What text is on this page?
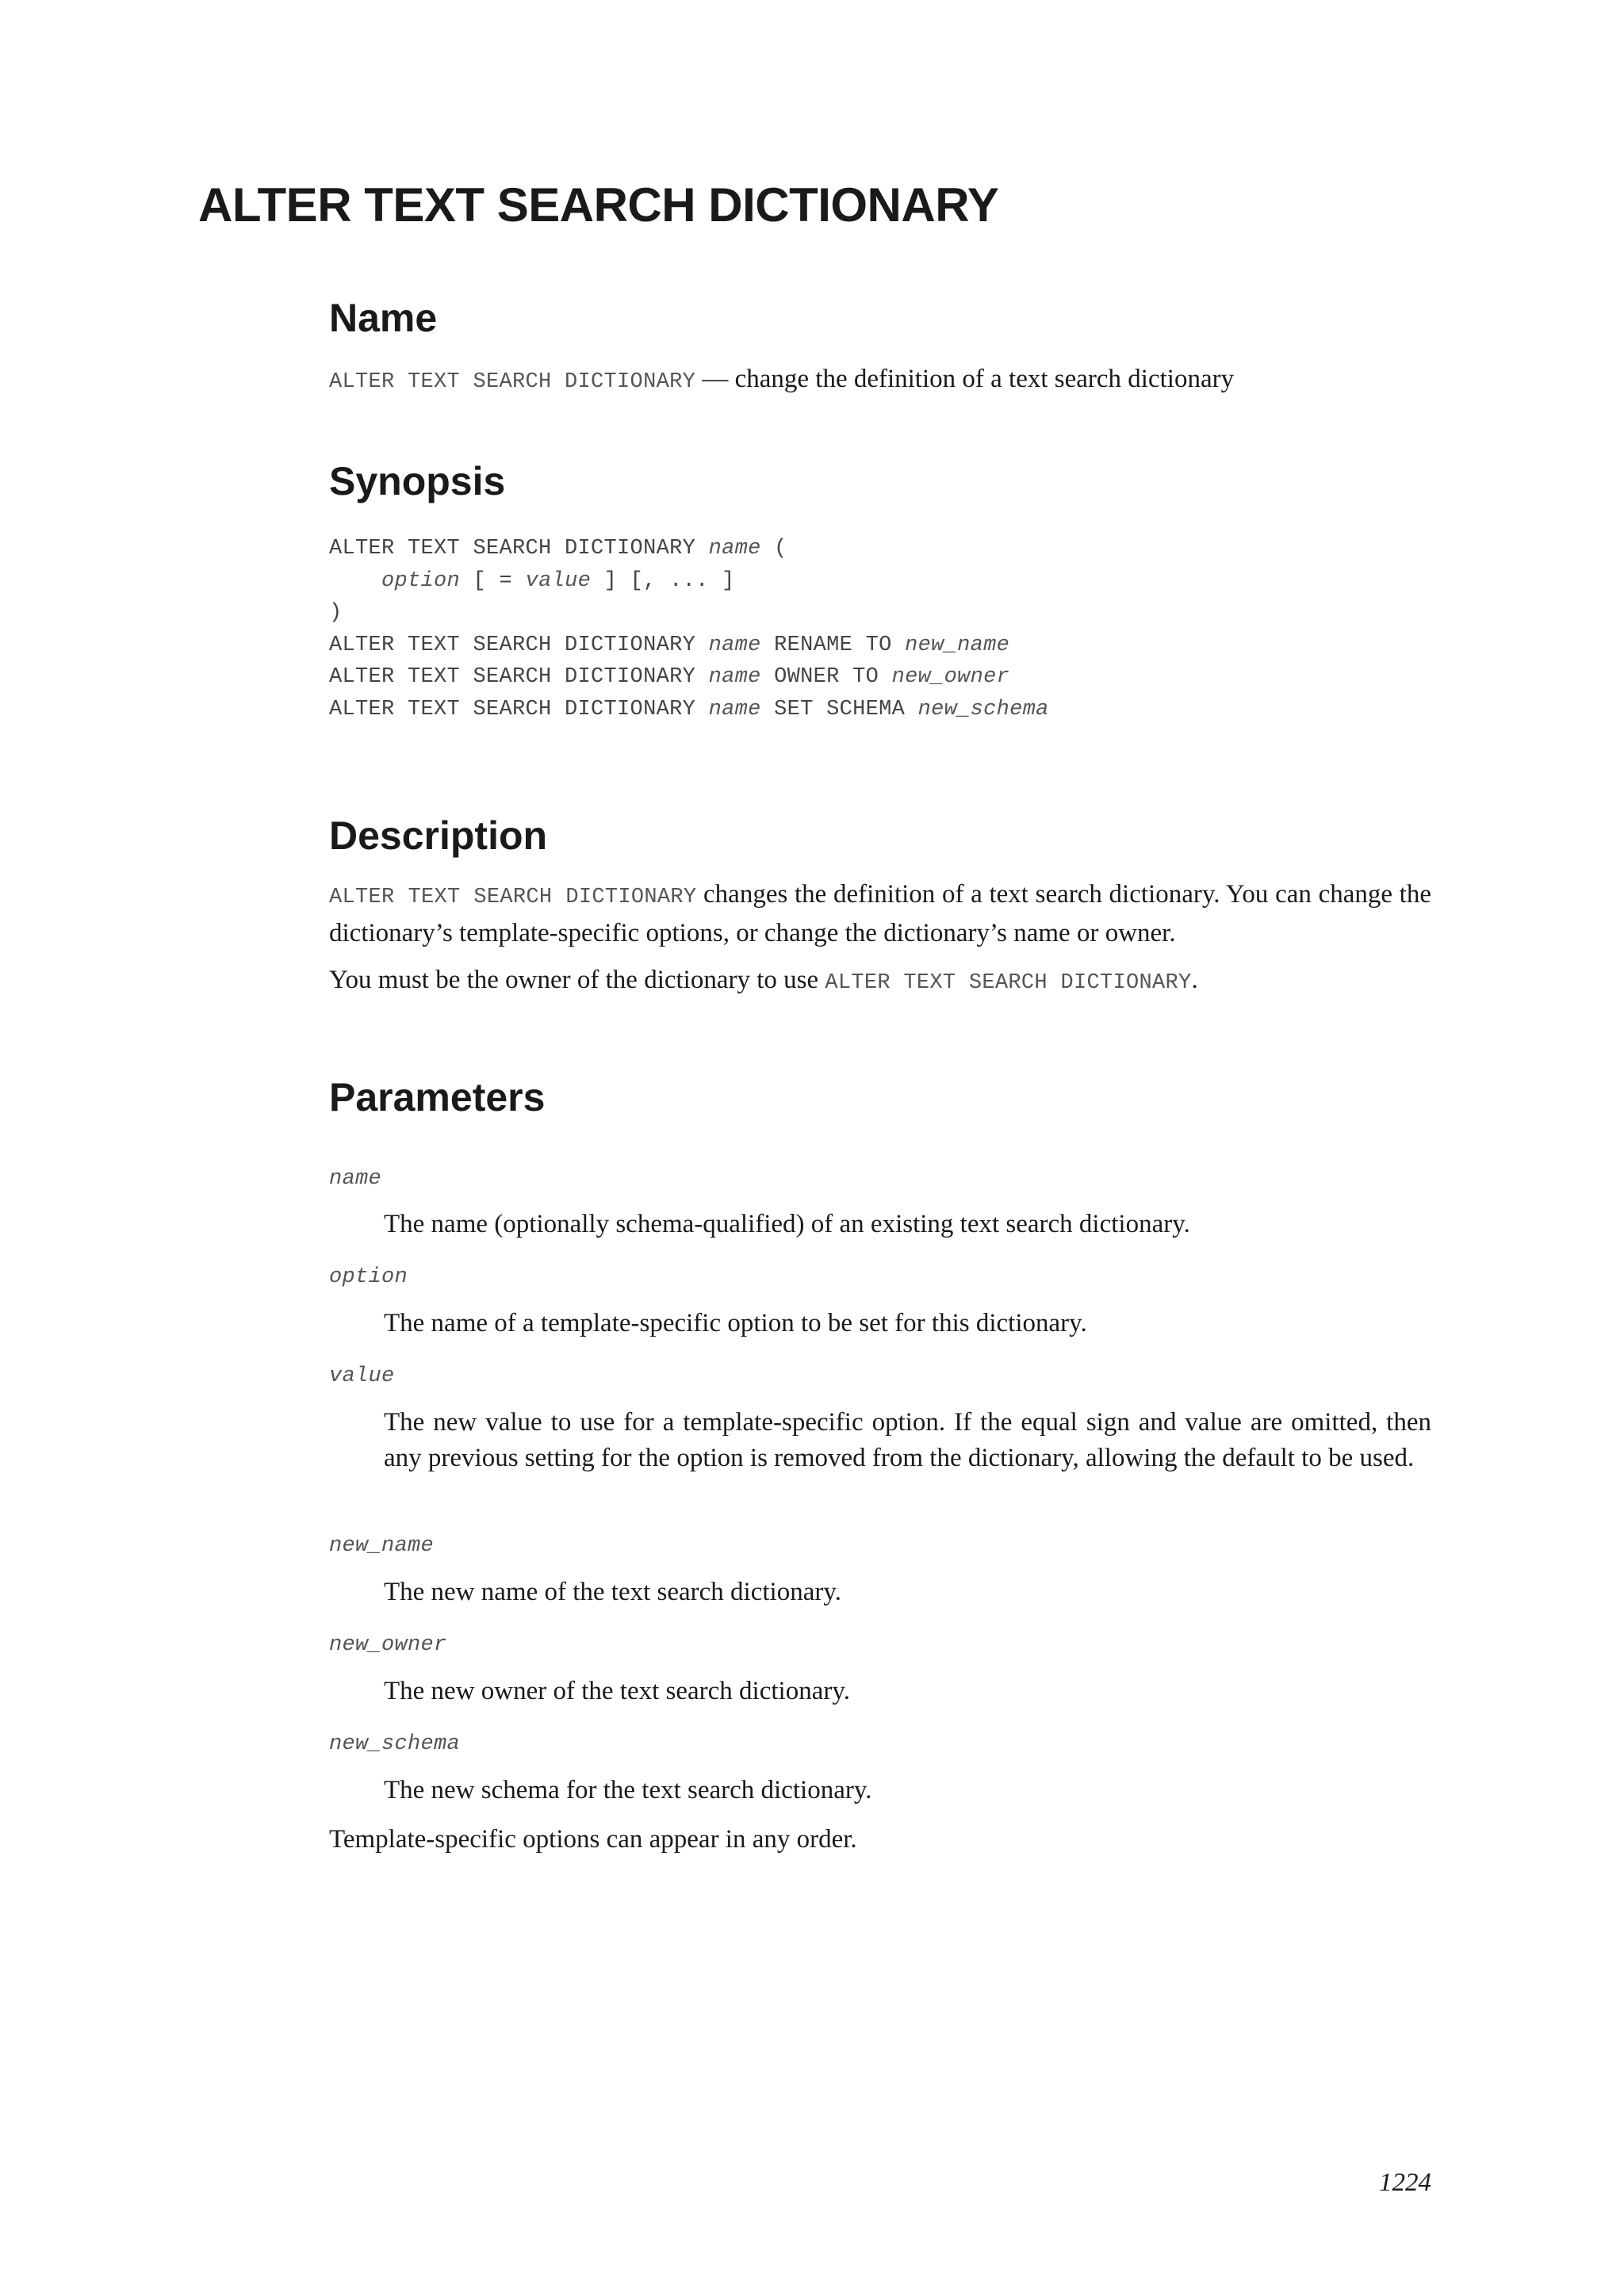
ALTER TEXT SEARCH DICTIONARY
Name
ALTER TEXT SEARCH DICTIONARY — change the definition of a text search dictionary
Synopsis
ALTER TEXT SEARCH DICTIONARY name (
option [ = value ] [, ... ]
)
ALTER TEXT SEARCH DICTIONARY name RENAME TO new_name
ALTER TEXT SEARCH DICTIONARY name OWNER TO new_owner
ALTER TEXT SEARCH DICTIONARY name SET SCHEMA new_schema
Description

ALTER TEXT SEARCH DICTIONARY changes the definition of a text search dictionary. You can change the dictionary’s template-specific options, or change the dictionary’s name or owner.

You must be the owner of the dictionary to use ALTER TEXT SEARCH DICTIONARY.

Parameters
name

The name (optionally schema-qualified) of an existing text search dictionary.

option

The name of a template-specific option to be set for this dictionary.

value

The new value to use for a template-specific option. If the equal sign and value are omitted, then any previous setting for the option is removed from the dictionary, allowing the default to be used.

new_name

The new name of the text search dictionary.

new_owner

The new owner of the text search dictionary.

new_schema

The new schema for the text search dictionary.

Template-specific options can appear in any order.

1224
